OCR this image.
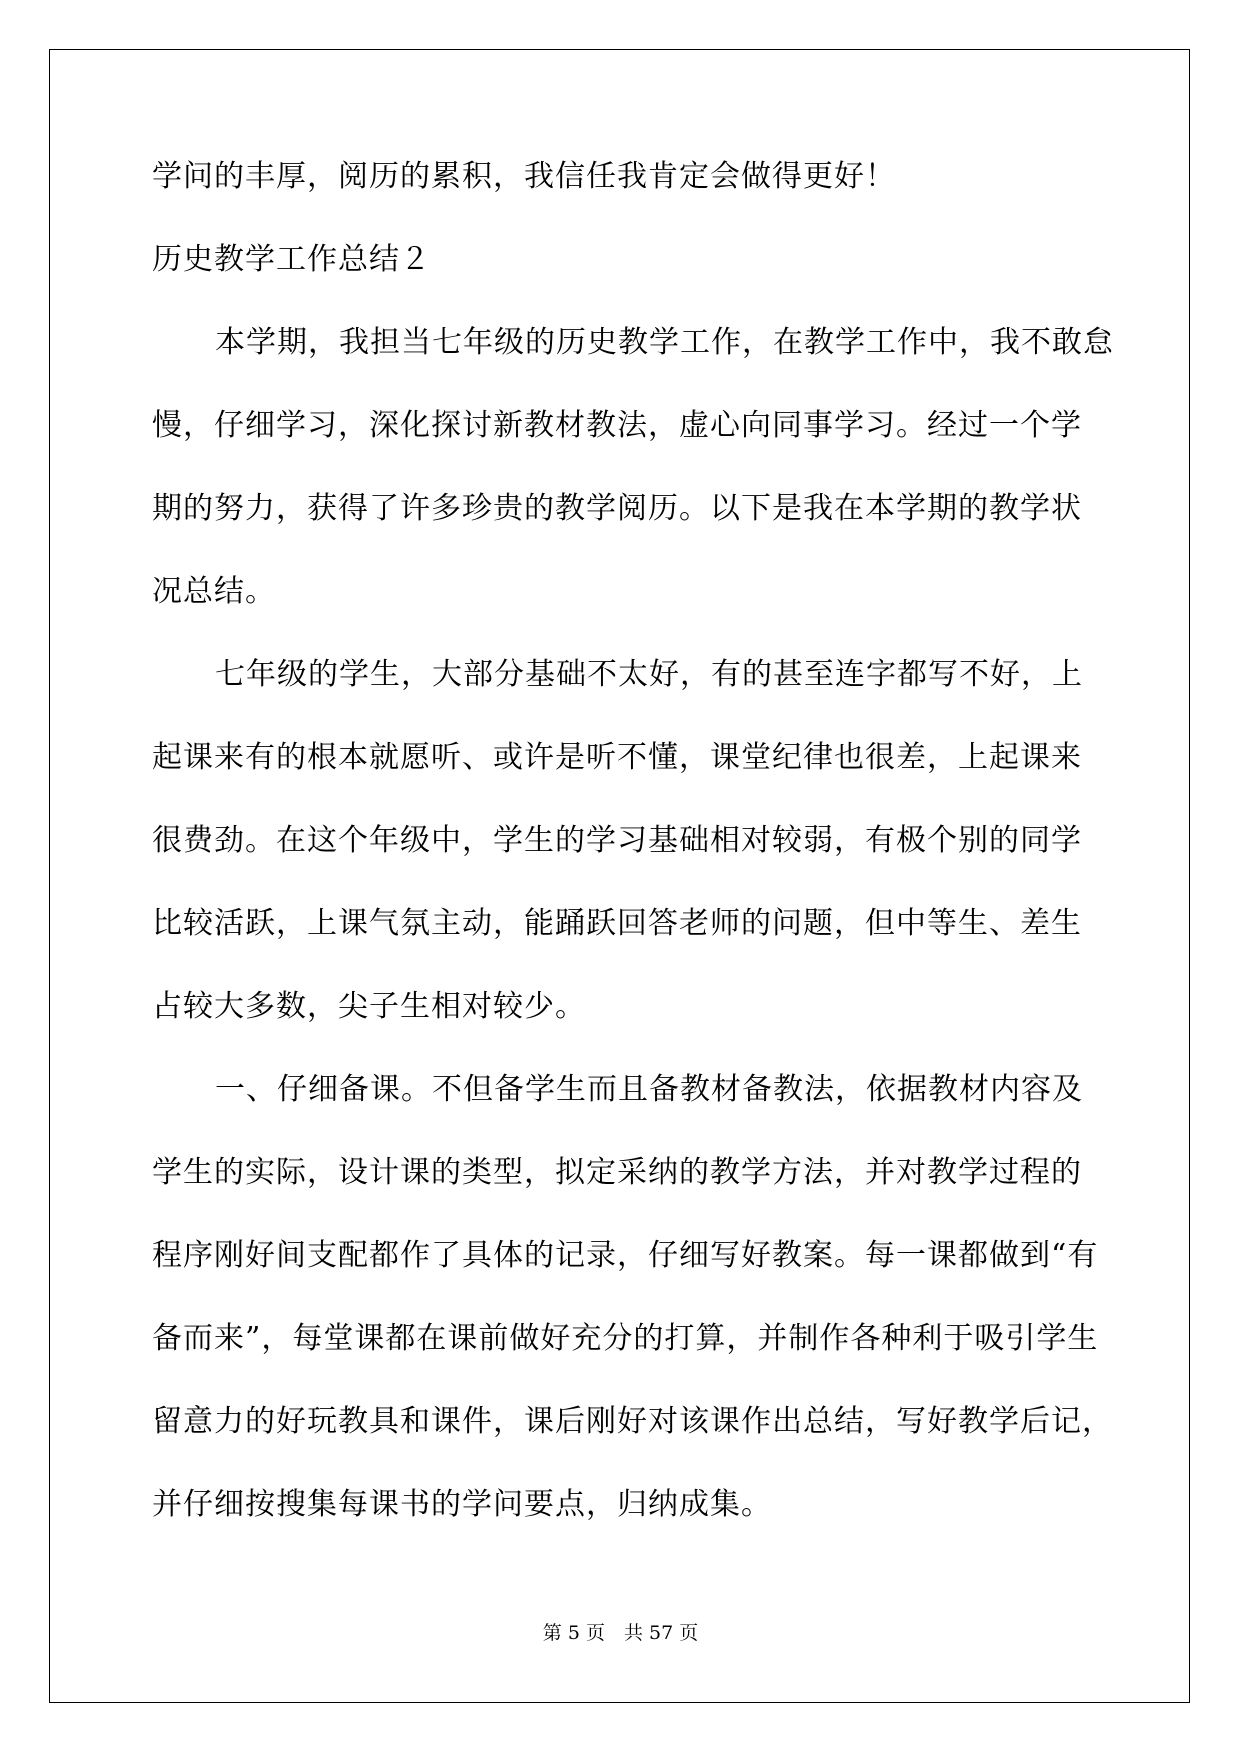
学问的丰厚，阅历的累积，我信任我肯定会做得更好！
历史教学工作总结２
本学期，我担当七年级的历史教学工作，在教学工作中，我不敢怠
慢，仔细学习，深化探讨新教材教法，虚心向同事学习。经过一个学
期的努力，获得了许多珍贵的教学阅历。以下是我在本学期的教学状
况总结。
七年级的学生，大部分基础不太好，有的甚至连字都写不好，上
起课来有的根本就愿听、或许是听不懂，课堂纪律也很差，上起课来
很费劲。在这个年级中，学生的学习基础相对较弱，有极个别的同学
比较活跃，上课气氛主动，能踊跃回答老师的问题，但中等生、差生
占较大多数，尖子生相对较少。
一、仔细备课。不但备学生而且备教材备教法，依据教材内容及
学生的实际，设计课的类型，拟定采纳的教学方法，并对教学过程的
程序刚好间支配都作了具体的记录，仔细写好教案。每一课都做到“有
备而来”，每堂课都在课前做好充分的打算，并制作各种利于吸引学生
留意力的好玩教具和课件，课后刚好对该课作出总结，写好教学后记，
并仔细按搜集每课书的学问要点，归纳成集。
第 5 页　共 57 页
